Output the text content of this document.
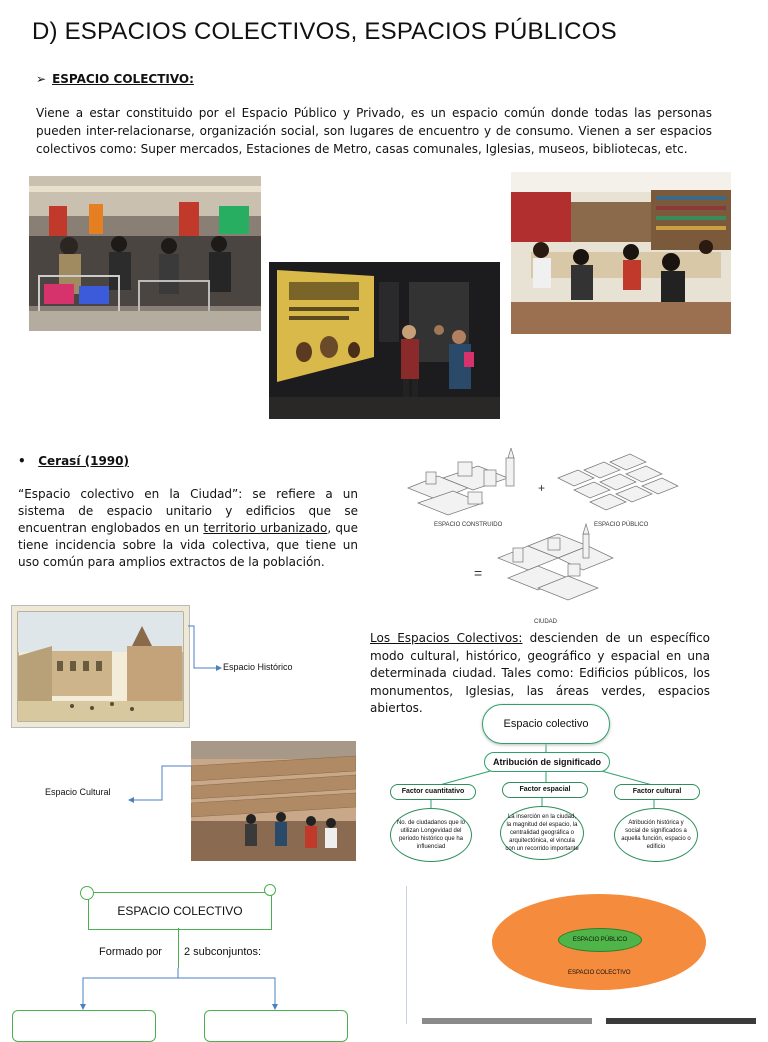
D) ESPACIOS COLECTIVOS, ESPACIOS PÚBLICOS
➢ ESPACIO COLECTIVO:
Viene a estar constituido por el Espacio Público y Privado, es un espacio común donde todas las personas pueden inter-relacionarse, organización social, son lugares de encuentro y de consumo. Vienen a ser espacios colectivos como: Super mercados, Estaciones de Metro, casas comunales, Iglesias, museos, bibliotecas, etc.
• Cerasí (1990)
“Espacio colectivo en la Ciudad”: se refiere a un sistema de espacio unitario y edificios que se encuentran englobados en un territorio urbanizado, que tiene incidencia sobre la vida colectiva, que tiene un uso común para amplios extractos de la población.
+
ESPACIO CONSTRUIDO	ESPACIO PÚBLICO
=
CIUDAD
Espacio Histórico
Espacio Cultural
Los Espacios Colectivos: descienden de un específico modo cultural, histórico, geográfico y espacial en una determinada ciudad. Tales como: Edificios públicos, los monumentos, Iglesias, las áreas verdes, espacios abiertos.
Espacio colectivo
Atribución de significado
Factor cuantitativo	Factor espacial	Factor cultural
No. de ciudadanos que lo utilizan Longevidad del periodo histórico que ha influenciad
La inserción en la ciudad, la magnitud del espacio, la centralidad geográfica o arquitectónica, el vincula con un recorrido importante
Atribución histórica y social de significados a aquella función, espacio o edificio
ESPACIO COLECTIVO
Formado por 2 subconjuntos:
ESPACIO PÚBLICO
ESPACIO COLECTIVO
